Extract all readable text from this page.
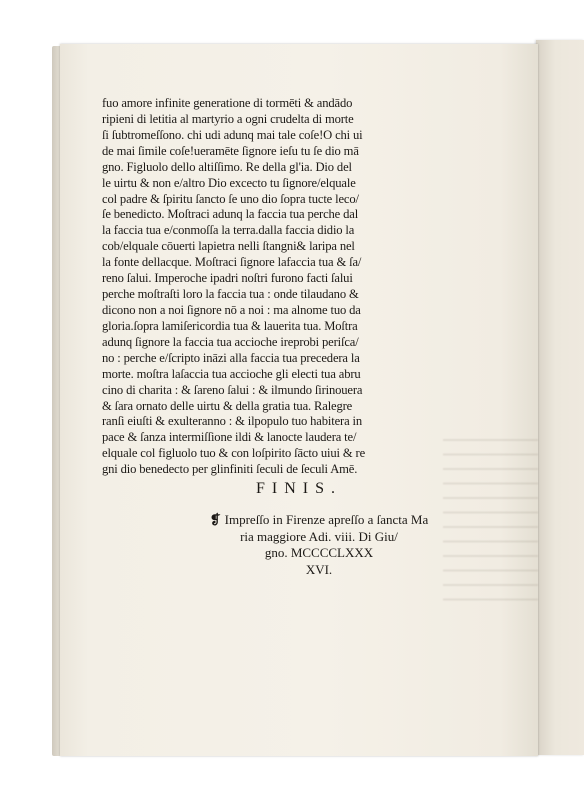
fuo amore infinite generatione di tormēti & andādo
ripieni di letitia al martyrio a ogni crudelta di morte
ſi ſubtromeſſono. chi udi adunq mai tale coſe!O chi ui
de mai ſimile coſe!ueramēte ſignore ieſu tu ſe dio mā
gno. Figluolo dello altiſſimo. Re della gl'ia. Dio del
le uirtu & non e/altro Dio excecto tu ſignore/elquale
col padre & ſpiritu ſancto ſe uno dio ſopra tucte leco/
ſe benedicto. Moſtraci adunq la faccia tua perche dal
la faccia tua e/conmoſſa la terra.dalla faccia didio la
cob/elquale cōuerti lapietra nelli ſtangni& laripa nel
la fonte dellacque. Moſtraci ſignore lafaccia tua & ſa/
reno ſalui. Imperoche ipadri noſtri furono facti ſalui
perche moſtraſti loro la faccia tua : onde tilaudano &
dicono non a noi ſignore nō a noi : ma alnome tuo da
gloria.ſopra lamiſericordia tua & lauerita tua. Moſtra
adunq ſignore la faccia tua accioche ireprobi periſca/
no : perche e/ſcripto ināzi alla faccia tua precedera la
morte. moſtra laſaccia tua accioche gli electi tua abru
cino di charita : & ſareno ſalui : & ilmundo ſirinouera
& ſara ornato delle uirtu & della gratia tua. Ralegre
ranſi eiuſti & exulteranno : & ilpopulo tuo habitera in
pace & ſanza intermiſſione ildi & lanocte laudera te/
elquale col figluolo tuo & con loſpirito ſācto uiui & re
gni dio benedecto per glinfiniti ſeculi de ſeculi Amē.
FINIS.
❡ Impreſſo in Firenze apreſſo a ſancta Ma
ria maggiore Adi. viii. Di Giu/
gno. MCCCCLXXX
XVI.
